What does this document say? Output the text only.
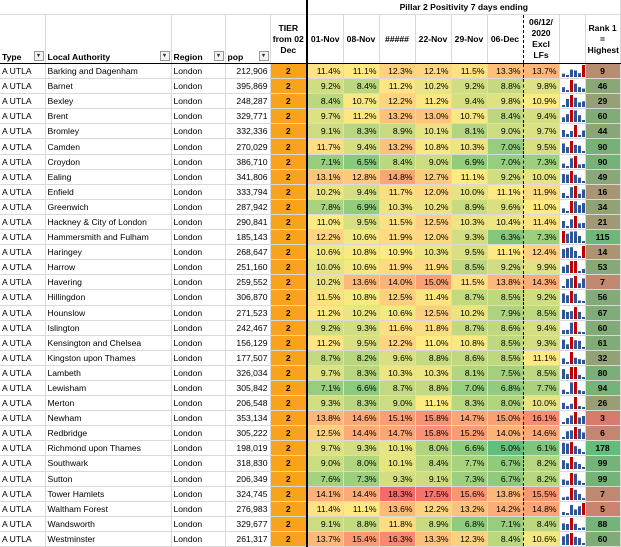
					Pillar 2 Positivity 7 days ending								
Type ▾	Local Authority ▾	Region ▾	pop ▾	TIER from 02 Dec	01-Nov	08-Nov	#####	22-Nov	29-Nov	06-Dec	06/12/ 2020 Excl LFs		Rank 1 = Highest
A UTLA	Barking and Dagenham	London	212,906	2	11.4%	11.1%	12.3%	12.1%	11.5%	13.3%	13.7%		9
A UTLA	Barnet	London	395,869	2	9.2%	8.4%	11.2%	10.2%	9.2%	8.8%	9.8%		46
A UTLA	Bexley	London	248,287	2	8.4%	10.7%	12.2%	11.2%	9.4%	9.8%	10.9%		29
A UTLA	Brent	London	329,771	2	9.7%	11.2%	13.2%	13.0%	10.7%	8.4%	9.4%		60
A UTLA	Bromley	London	332,336	2	9.1%	8.3%	8.9%	10.1%	8.1%	9.0%	9.7%		44
A UTLA	Camden	London	270,029	2	11.7%	9.4%	13.2%	10.8%	10.3%	7.0%	9.5%		90
A UTLA	Croydon	London	386,710	2	7.1%	6.5%	8.4%	9.0%	6.9%	7.0%	7.3%		90
A UTLA	Ealing	London	341,806	2	13.1%	12.8%	14.8%	12.7%	11.1%	9.2%	10.0%		49
A UTLA	Enfield	London	333,794	2	10.2%	9.4%	11.7%	12.0%	10.0%	11.1%	11.9%		16
A UTLA	Greenwich	London	287,942	2	7.8%	6.9%	10.3%	10.2%	8.9%	9.6%	11.0%		34
A UTLA	Hackney & City of London	London	290,841	2	11.0%	9.5%	11.5%	12.5%	10.3%	10.4%	11.4%		21
A UTLA	Hammersmith and Fulham	London	185,143	2	12.2%	10.6%	11.9%	12.0%	9.3%	6.3%	7.3%		115
A UTLA	Haringey	London	268,647	2	10.6%	10.8%	10.9%	10.3%	9.5%	11.1%	12.4%		14
A UTLA	Harrow	London	251,160	2	10.0%	10.6%	11.9%	11.9%	8.5%	9.2%	9.9%		53
A UTLA	Havering	London	259,552	2	10.2%	13.6%	14.0%	15.0%	11.5%	13.8%	14.3%		7
A UTLA	Hillingdon	London	306,870	2	11.5%	10.8%	12.5%	11.4%	8.7%	8.5%	9.2%		56
A UTLA	Hounslow	London	271,523	2	11.2%	10.2%	10.6%	12.5%	10.2%	7.9%	8.5%		67
A UTLA	Islington	London	242,467	2	9.2%	9.3%	11.6%	11.8%	8.7%	8.6%	9.4%		60
A UTLA	Kensington and Chelsea	London	156,129	2	11.2%	9.5%	12.2%	11.0%	10.8%	8.5%	9.3%		61
A UTLA	Kingston upon Thames	London	177,507	2	8.7%	8.2%	9.6%	8.8%	8.6%	8.5%	11.1%		32
A UTLA	Lambeth	London	326,034	2	9.7%	8.3%	10.3%	10.3%	8.1%	7.5%	8.5%		80
A UTLA	Lewisham	London	305,842	2	7.1%	6.6%	8.7%	8.8%	7.0%	6.8%	7.7%		94
A UTLA	Merton	London	206,548	2	9.3%	8.3%	9.0%	11.1%	8.3%	8.0%	10.0%		26
A UTLA	Newham	London	353,134	2	13.8%	14.6%	15.1%	15.8%	14.7%	15.0%	16.1%		3
A UTLA	Redbridge	London	305,222	2	12.5%	14.4%	14.7%	15.8%	15.2%	14.0%	14.6%		6
A UTLA	Richmond upon Thames	London	198,019	2	9.7%	9.3%	10.1%	8.0%	6.6%	5.0%	6.1%		178
A UTLA	Southwark	London	318,830	2	9.0%	8.0%	10.1%	8.4%	7.7%	6.7%	8.2%		99
A UTLA	Sutton	London	206,349	2	7.6%	7.3%	9.3%	9.1%	7.3%	6.7%	8.2%		99
A UTLA	Tower Hamlets	London	324,745	2	14.1%	14.4%	18.3%	17.5%	15.6%	13.8%	15.5%		7
A UTLA	Waltham Forest	London	276,983	2	11.4%	11.1%	13.6%	12.2%	13.2%	14.2%	14.8%		5
A UTLA	Wandsworth	London	329,677	2	9.1%	8.8%	11.8%	8.9%	6.8%	7.1%	8.4%		88
A UTLA	Westminster	London	261,317	2	13.7%	15.4%	16.3%	13.3%	12.3%	8.4%	10.6%		60
